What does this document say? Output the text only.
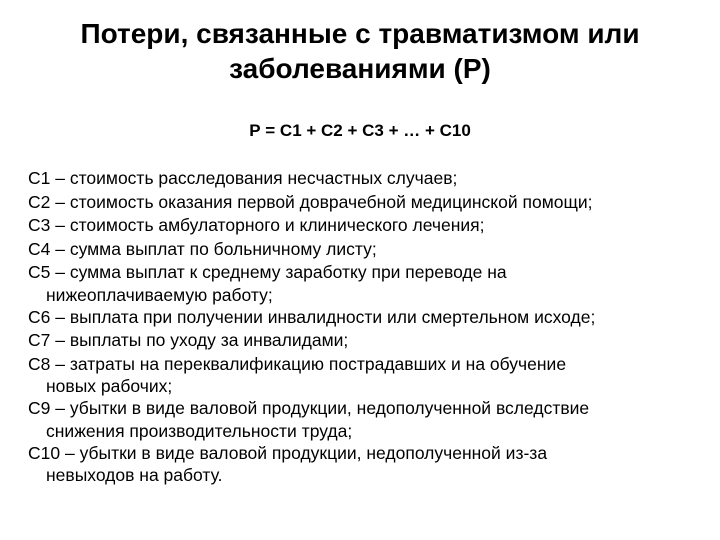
Потери, связанные с травматизмом или
заболеваниями (Р)

Р = С1 + С2 + С3 + … + С10

С1 – стоимость расследования несчастных случаев;
С2 – стоимость оказания первой доврачебной медицинской помощи;
С3 – стоимость амбулаторного и клинического лечения;
С4 – сумма выплат по больничному листу;
С5 – сумма выплат к среднему заработку при переводе на
нижеоплачиваемую работу;
С6 – выплата при получении инвалидности или смертельном исходе;
С7 – выплаты по уходу за инвалидами;
С8 – затраты на переквалификацию пострадавших и на обучение
новых рабочих;
С9 – убытки в виде валовой продукции, недополученной вследствие
снижения производительности труда;
С10 – убытки в виде валовой продукции, недополученной из-за
невыходов на работу.
